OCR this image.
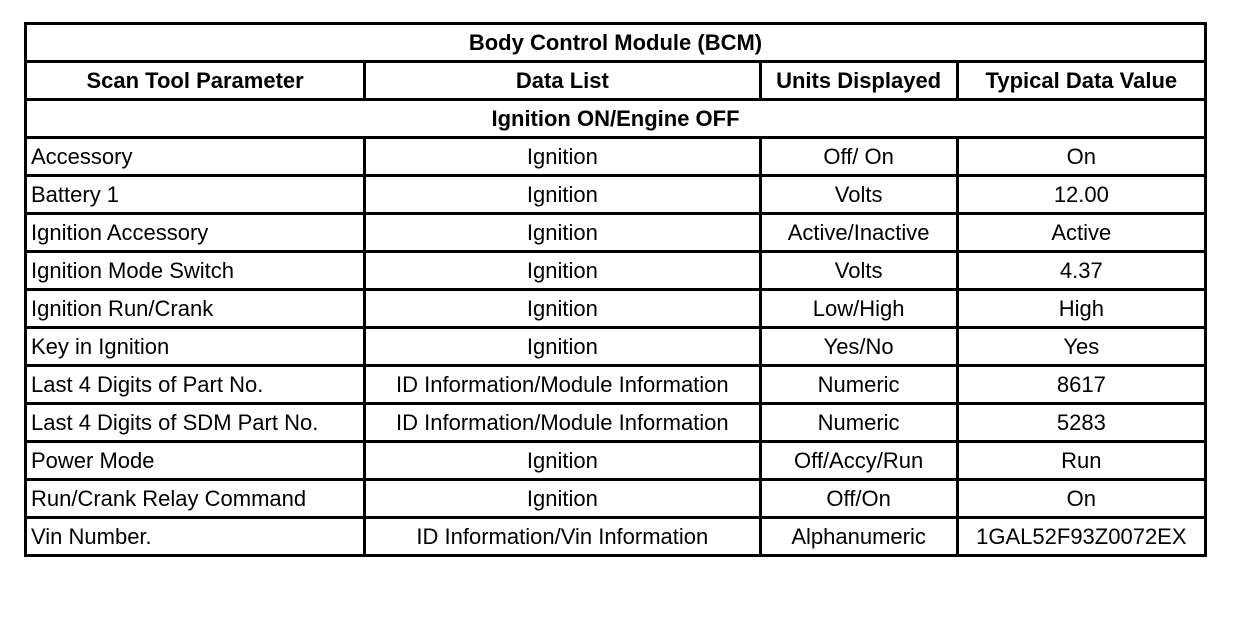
Body Control Module (BCM)			
Scan Tool Parameter	Data List	Units Displayed	Typical Data Value
Ignition ON/Engine OFF			
Accessory	Ignition	Off/ On	On
Battery 1	Ignition	Volts	12.00
Ignition Accessory	Ignition	Active/Inactive	Active
Ignition Mode Switch	Ignition	Volts	4.37
Ignition Run/Crank	Ignition	Low/High	High
Key in Ignition	Ignition	Yes/No	Yes
Last 4 Digits of Part No.	ID Information/Module Information	Numeric	8617
Last 4 Digits of SDM Part No.	ID Information/Module Information	Numeric	5283
Power Mode	Ignition	Off/Accy/Run	Run
Run/Crank Relay Command	Ignition	Off/On	On
Vin Number.	ID Information/Vin Information	Alphanumeric	1GAL52F93Z0072EX
